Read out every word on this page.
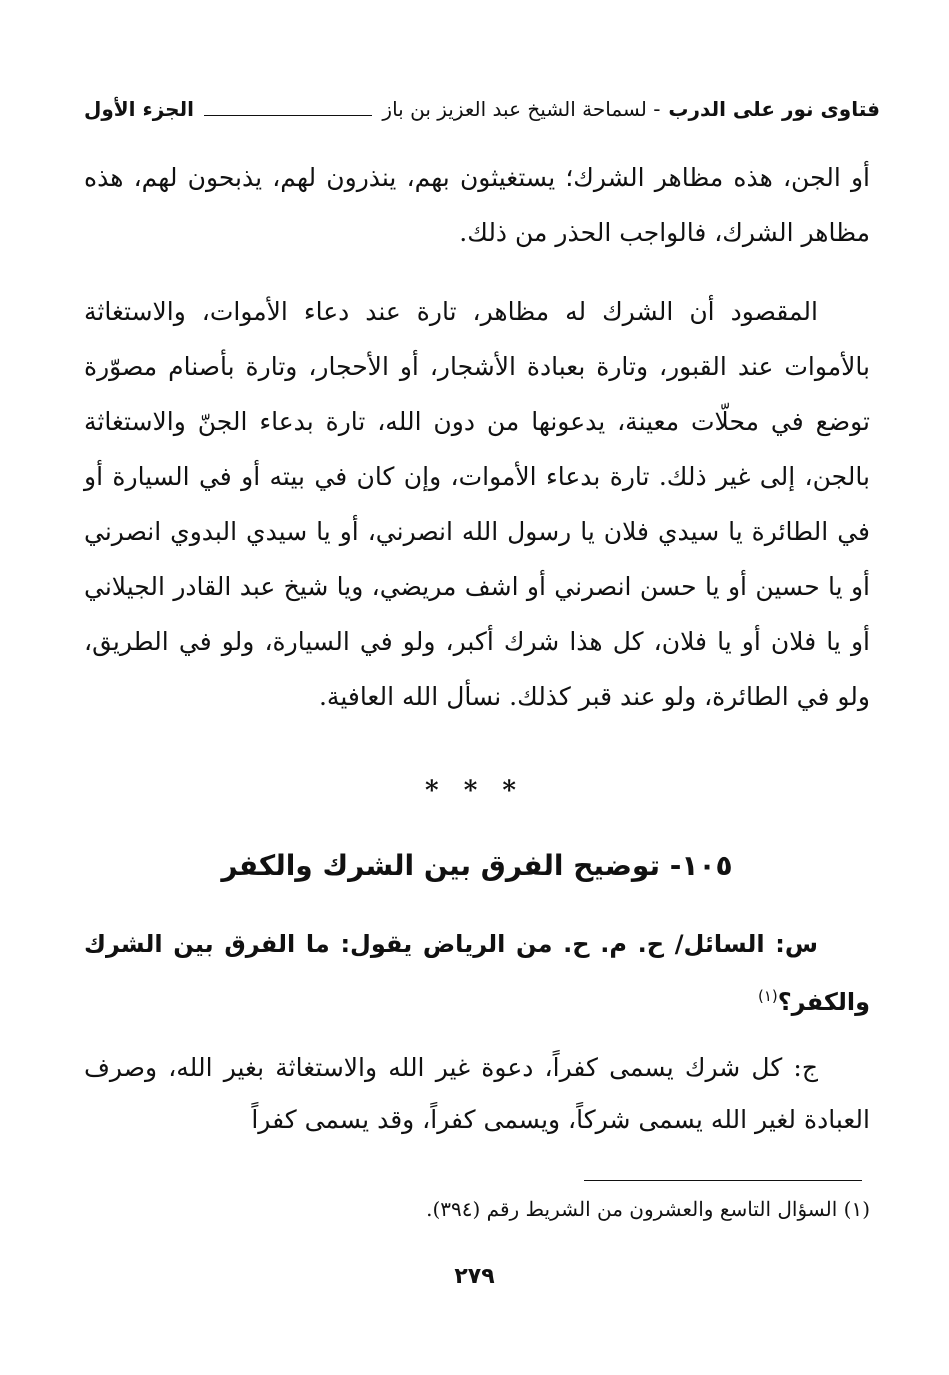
فتاوى نور على الدرب
- لسماحة الشيخ عبد العزيز بن باز
الجزء الأول
أو الجن، هذه مظاهر الشرك؛ يستغيثون بهم، ينذرون لهم، يذبحون لهم، هذه مظاهر الشرك، فالواجب الحذر من ذلك.
المقصود أن الشرك له مظاهر، تارة عند دعاء الأموات، والاستغاثة بالأموات عند القبور، وتارة بعبادة الأشجار، أو الأحجار، وتارة بأصنام مصوّرة توضع في محلّات معينة، يدعونها من دون الله، تارة بدعاء الجنّ والاستغاثة بالجن، إلى غير ذلك. تارة بدعاء الأموات، وإن كان في بيته أو في السيارة أو في الطائرة يا سيدي فلان يا رسول الله انصرني، أو يا سيدي البدوي انصرني أو يا حسين أو يا حسن انصرني أو اشف مريضي، ويا شيخ عبد القادر الجيلاني أو يا فلان أو يا فلان، كل هذا شرك أكبر، ولو في السيارة، ولو في الطريق، ولو في الطائرة، ولو عند قبر كذلك. نسأل الله العافية.
* * *
١٠٥- توضيح الفرق بين الشرك والكفر
س: السائل/ ح. م. ح. من الرياض يقول: ما الفرق بين الشرك والكفر؟$^{(١)}$
ج: كل شرك يسمى كفراً، دعوة غير الله والاستغاثة بغير الله، وصرف العبادة لغير الله يسمى شركاً، ويسمى كفراً، وقد يسمى كفراً
(١) السؤال التاسع والعشرون من الشريط رقم (٣٩٤).
٢٧٩
